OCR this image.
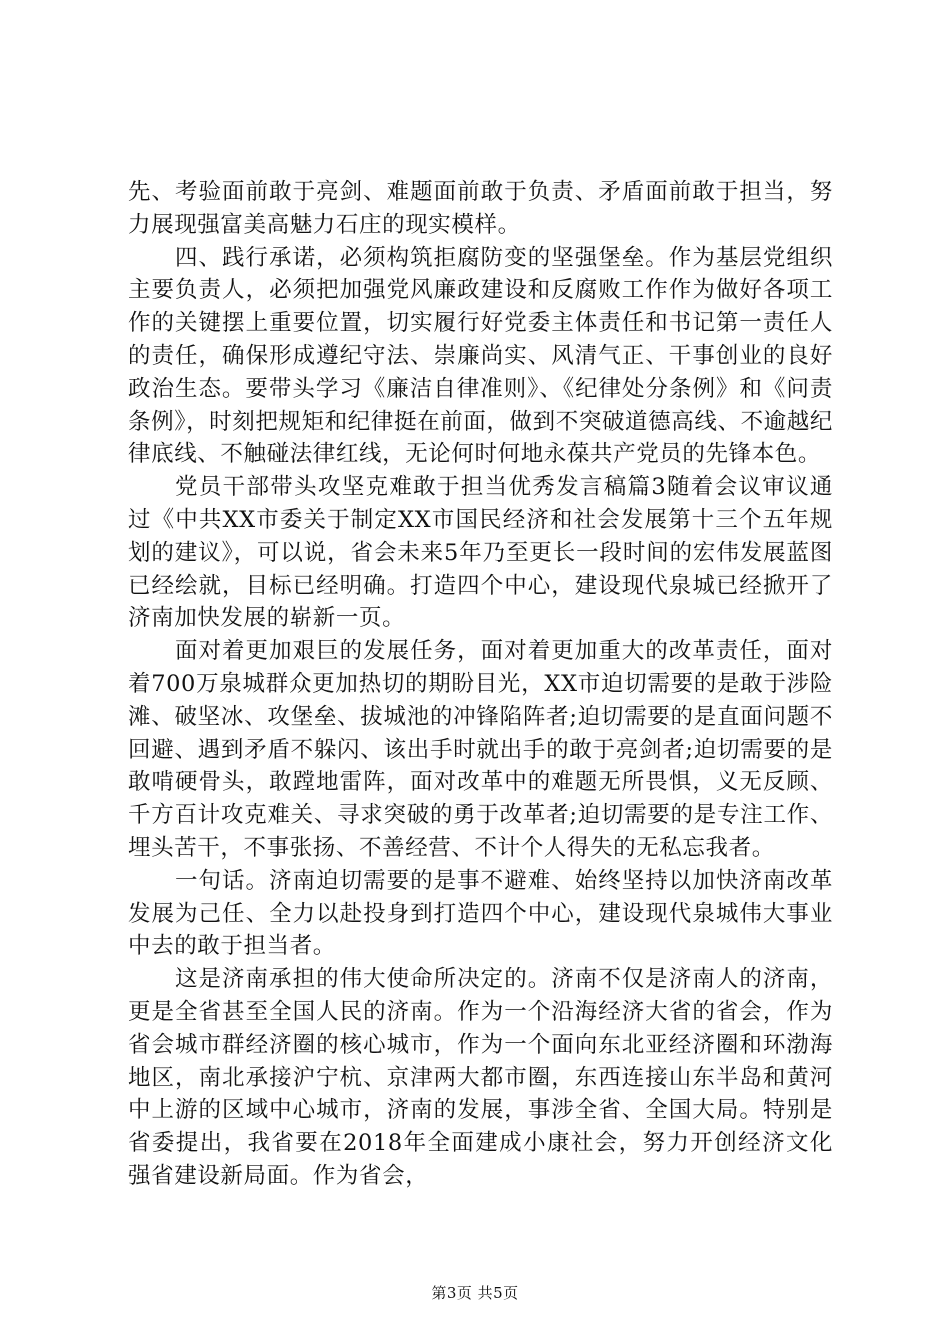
先、考验面前敢于亮剑、难题面前敢于负责、矛盾面前敢于担当，努力展现强富美高魅力石庄的现实模样。

四、践行承诺，必须构筑拒腐防变的坚强堡垒。作为基层党组织主要负责人，必须把加强党风廉政建设和反腐败工作作为做好各项工作的关键摆上重要位置，切实履行好党委主体责任和书记第一责任人的责任，确保形成遵纪守法、崇廉尚实、风清气正、干事创业的良好政治生态。要带头学习《廉洁自律准则》、《纪律处分条例》和《问责条例》，时刻把规矩和纪律挺在前面，做到不突破道德高线、不逾越纪律底线、不触碰法律红线，无论何时何地永葆共产党员的先锋本色。

党员干部带头攻坚克难敢于担当优秀发言稿篇3随着会议审议通过《中共XX市委关于制定XX市国民经济和社会发展第十三个五年规划的建议》，可以说，省会未来5年乃至更长一段时间的宏伟发展蓝图已经绘就，目标已经明确。打造四个中心，建设现代泉城已经掀开了济南加快发展的崭新一页。

面对着更加艰巨的发展任务，面对着更加重大的改革责任，面对着700万泉城群众更加热切的期盼目光，XX市迫切需要的是敢于涉险滩、破坚冰、攻堡垒、拔城池的冲锋陷阵者;迫切需要的是直面问题不回避、遇到矛盾不躲闪、该出手时就出手的敢于亮剑者;迫切需要的是敢啃硬骨头，敢蹚地雷阵，面对改革中的难题无所畏惧，义无反顾、千方百计攻克难关、寻求突破的勇于改革者;迫切需要的是专注工作、埋头苦干，不事张扬、不善经营、不计个人得失的无私忘我者。

一句话。济南迫切需要的是事不避难、始终坚持以加快济南改革发展为己任、全力以赴投身到打造四个中心，建设现代泉城伟大事业中去的敢于担当者。

这是济南承担的伟大使命所决定的。济南不仅是济南人的济南，更是全省甚至全国人民的济南。作为一个沿海经济大省的省会，作为省会城市群经济圈的核心城市，作为一个面向东北亚经济圈和环渤海地区，南北承接沪宁杭、京津两大都市圈，东西连接山东半岛和黄河中上游的区域中心城市，济南的发展，事涉全省、全国大局。特别是省委提出，我省要在2018年全面建成小康社会，努力开创经济文化强省建设新局面。作为省会，

第3页 共5页
